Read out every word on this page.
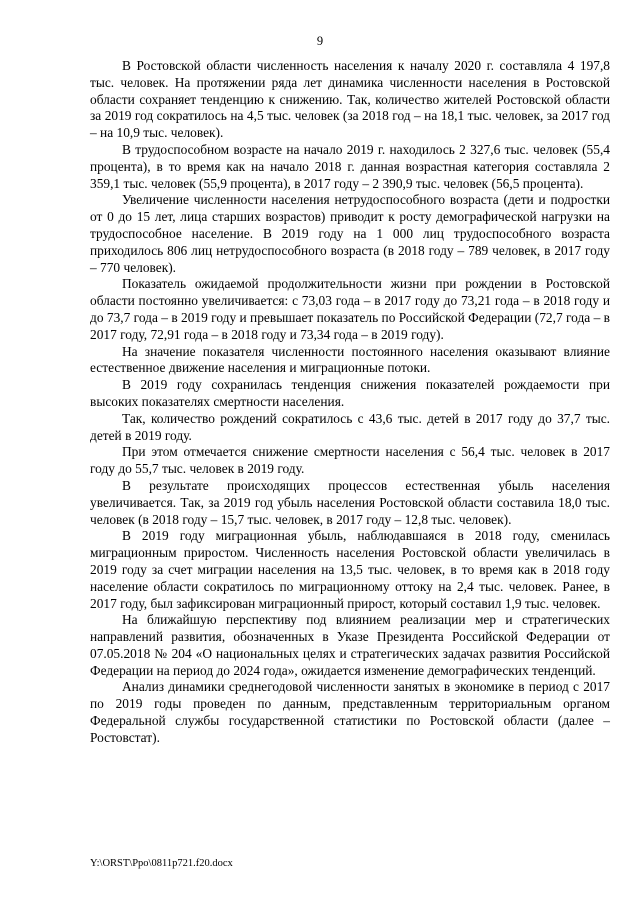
9

В Ростовской области численность населения к началу 2020 г. составляла 4 197,8 тыс. человек. На протяжении ряда лет динамика численности населения в Ростовской области сохраняет тенденцию к снижению. Так, количество жителей Ростовской области за 2019 год сократилось на 4,5 тыс. человек (за 2018 год – на 18,1 тыс. человек, за 2017 год – на 10,9 тыс. человек).

В трудоспособном возрасте на начало 2019 г. находилось 2 327,6 тыс. человек (55,4 процента), в то время как на начало 2018 г. данная возрастная категория составляла 2 359,1 тыс. человек (55,9 процента), в 2017 году – 2 390,9 тыс. человек (56,5 процента).

Увеличение численности населения нетрудоспособного возраста (дети и подростки от 0 до 15 лет, лица старших возрастов) приводит к росту демографической нагрузки на трудоспособное население. В 2019 году на 1 000 лиц трудоспособного возраста приходилось 806 лиц нетрудоспособного возраста (в 2018 году – 789 человек, в 2017 году – 770 человек).

Показатель ожидаемой продолжительности жизни при рождении в Ростовской области постоянно увеличивается: с 73,03 года – в 2017 году до 73,21 года – в 2018 году и до 73,7 года – в 2019 году и превышает показатель по Российской Федерации (72,7 года – в 2017 году, 72,91 года – в 2018 году и 73,34 года – в 2019 году).

На значение показателя численности постоянного населения оказывают влияние естественное движение населения и миграционные потоки.

В 2019 году сохранилась тенденция снижения показателей рождаемости при высоких показателях смертности населения.

Так, количество рождений сократилось с 43,6 тыс. детей в 2017 году до 37,7 тыс. детей в 2019 году.

При этом отмечается снижение смертности населения с 56,4 тыс. человек в 2017 году до 55,7 тыс. человек в 2019 году.

В результате происходящих процессов естественная убыль населения увеличивается. Так, за 2019 год убыль населения Ростовской области составила 18,0 тыс. человек (в 2018 году – 15,7 тыс. человек, в 2017 году – 12,8 тыс. человек).

В 2019 году миграционная убыль, наблюдавшаяся в 2018 году, сменилась миграционным приростом. Численность населения Ростовской области увеличилась в 2019 году за счет миграции населения на 13,5 тыс. человек, в то время как в 2018 году население области сократилось по миграционному оттоку на 2,4 тыс. человек. Ранее, в 2017 году, был зафиксирован миграционный прирост, который составил 1,9 тыс. человек.

На ближайшую перспективу под влиянием реализации мер и стратегических направлений развития, обозначенных в Указе Президента Российской Федерации от 07.05.2018 № 204 «О национальных целях и стратегических задачах развития Российской Федерации на период до 2024 года», ожидается изменение демографических тенденций.

Анализ динамики среднегодовой численности занятых в экономике в период с 2017 по 2019 годы проведен по данным, представленным территориальным органом Федеральной службы государственной статистики по Ростовской области (далее – Ростовстат).

Y:\ORST\Ppo\0811p721.f20.docx
